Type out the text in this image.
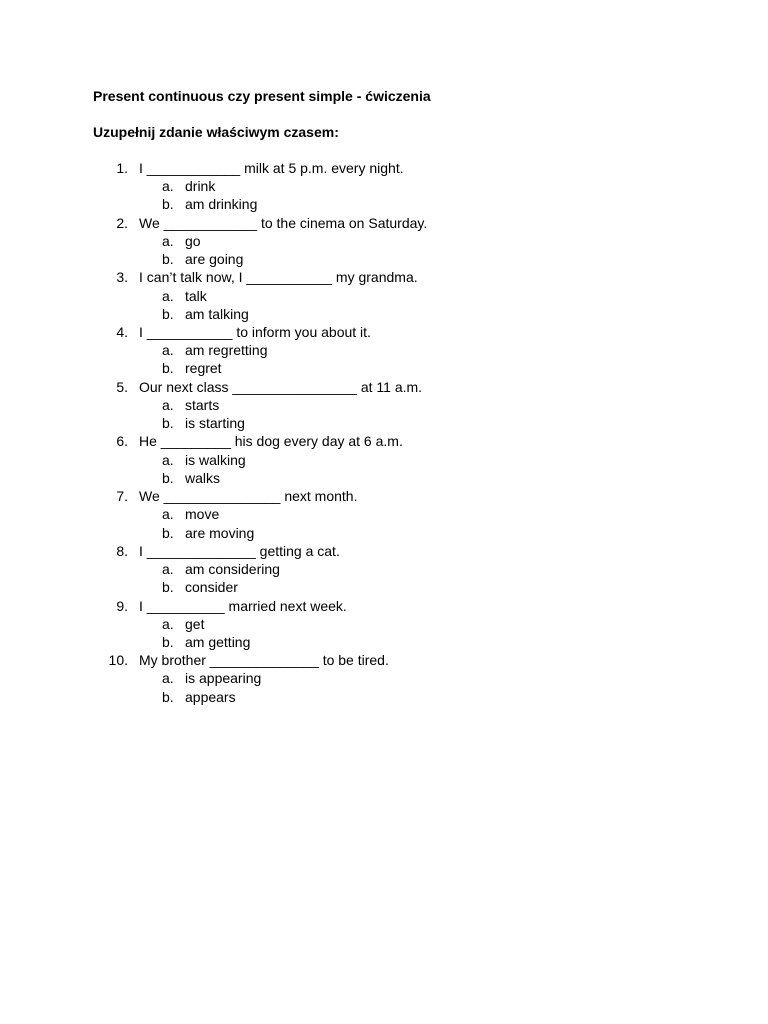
Present continuous czy present simple - ćwiczenia
Uzupełnij zdanie właściwym czasem:
1. I ____________ milk at 5 p.m. every night.
a. drink
b. am drinking
2. We ____________ to the cinema on Saturday.
a. go
b. are going
3. I can’t talk now, I ___________ my grandma.
a. talk
b. am talking
4. I ___________ to inform you about it.
a. am regretting
b. regret
5. Our next class ________________ at 11 a.m.
a. starts
b. is starting
6. He _________ his dog every day at 6 a.m.
a. is walking
b. walks
7. We _______________ next month.
a. move
b. are moving
8. I ______________ getting a cat.
a. am considering
b. consider
9. I __________ married next week.
a. get
b. am getting
10. My brother ______________ to be tired.
a. is appearing
b. appears
